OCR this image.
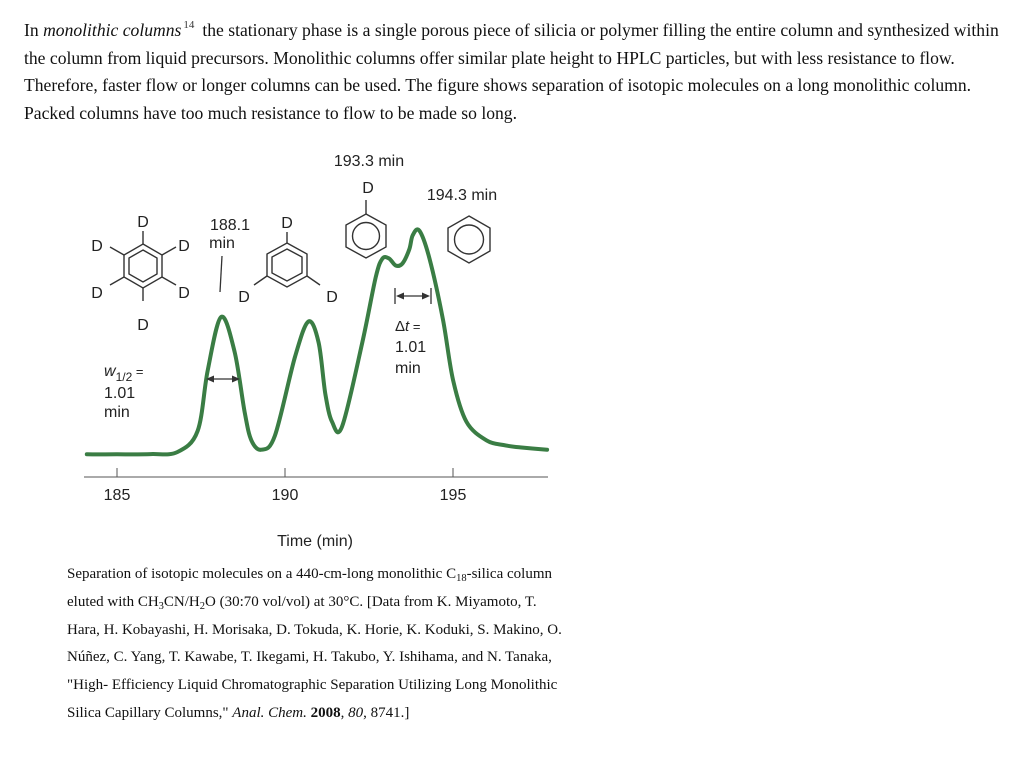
In monolithic columns $^{14}$ the stationary phase is a single porous piece of silicia or polymer filling the entire column and synthesized within the column from liquid precursors. Monolithic columns offer similar plate height to HPLC particles, but with less resistance to flow. Therefore, faster flow or longer columns can be used. The figure shows separation of isotopic molecules on a long monolithic column. Packed columns have too much resistance to flow to be made so long.
185	190	195
Time (min)
D
D
D
D
D
D
D
D
D
D
188.1
min
193.3 min
194.3 min
$w_{1/2}$ =
1.01
min
Δt =
1.01
min
Separation of isotopic molecules on a 440-cm-long monolithic $C_{18}$-silica column eluted with $CH_3CN/H_2O$ (30:70 vol/vol) at 30°C. [Data from K. Miyamoto, T. Hara, H. Kobayashi, H. Morisaka, D. Tokuda, K. Horie, K. Koduki, S. Makino, O. Núñez, C. Yang, T. Kawabe, T. Ikegami, H. Takubo, Y. Ishihama, and N. Tanaka, "High- Efficiency Liquid Chromatographic Separation Utilizing Long Monolithic Silica Capillary Columns," Anal. Chem. 2008, 80, 8741.]
